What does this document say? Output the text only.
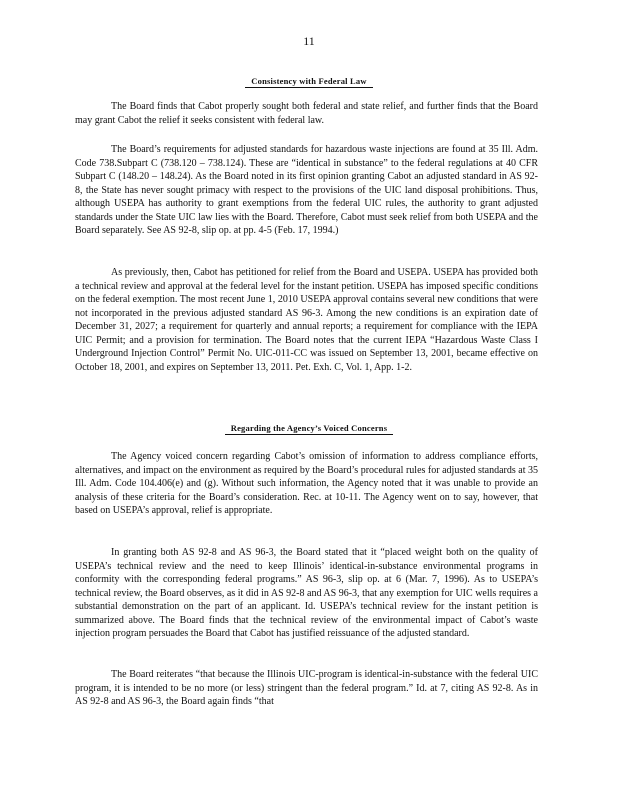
11
Consistency with Federal Law

The Board finds that Cabot properly sought both federal and state relief, and further finds that the Board may grant Cabot the relief it seeks consistent with federal law.

The Board’s requirements for adjusted standards for hazardous waste injections are found at 35 Ill. Adm. Code 738.Subpart C (738.120 – 738.124). These are “identical in substance” to the federal regulations at 40 CFR Subpart C (148.20 – 148.24). As the Board noted in its first opinion granting Cabot an adjusted standard in AS 92-8, the State has never sought primacy with respect to the provisions of the UIC land disposal prohibitions. Thus, although USEPA has authority to grant exemptions from the federal UIC rules, the authority to grant adjusted standards under the State UIC law lies with the Board. Therefore, Cabot must seek relief from both USEPA and the Board separately. See AS 92-8, slip op. at pp. 4-5 (Feb. 17, 1994.)

As previously, then, Cabot has petitioned for relief from the Board and USEPA. USEPA has provided both a technical review and approval at the federal level for the instant petition. USEPA has imposed specific conditions on the federal exemption. The most recent June 1, 2010 USEPA approval contains several new conditions that were not incorporated in the previous adjusted standard AS 96-3. Among the new conditions is an expiration date of December 31, 2027; a requirement for quarterly and annual reports; a requirement for compliance with the IEPA UIC Permit; and a provision for termination. The Board notes that the current IEPA “Hazardous Waste Class I Underground Injection Control” Permit No. UIC-011-CC was issued on September 13, 2001, became effective on October 18, 2001, and expires on September 13, 2011. Pet. Exh. C, Vol. 1, App. 1-2.

Regarding the Agency’s Voiced Concerns

The Agency voiced concern regarding Cabot’s omission of information to address compliance efforts, alternatives, and impact on the environment as required by the Board’s procedural rules for adjusted standards at 35 Ill. Adm. Code 104.406(e) and (g). Without such information, the Agency noted that it was unable to provide an analysis of these criteria for the Board’s consideration. Rec. at 10-11. The Agency went on to say, however, that based on USEPA’s approval, relief is appropriate.

In granting both AS 92-8 and AS 96-3, the Board stated that it “placed weight both on the quality of USEPA’s technical review and the need to keep Illinois’ identical-in-substance environmental programs in conformity with the corresponding federal programs.” AS 96-3, slip op. at 6 (Mar. 7, 1996). As to USEPA’s technical review, the Board observes, as it did in AS 92-8 and AS 96-3, that any exemption for UIC wells requires a substantial demonstration on the part of an applicant. Id. USEPA’s technical review for the instant petition is summarized above. The Board finds that the technical review of the environmental impact of Cabot’s waste injection program persuades the Board that Cabot has justified reissuance of the adjusted standard.

The Board reiterates “that because the Illinois UIC-program is identical-in-substance with the federal UIC program, it is intended to be no more (or less) stringent than the federal program.” Id. at 7, citing AS 92-8. As in AS 92-8 and AS 96-3, the Board again finds “that
